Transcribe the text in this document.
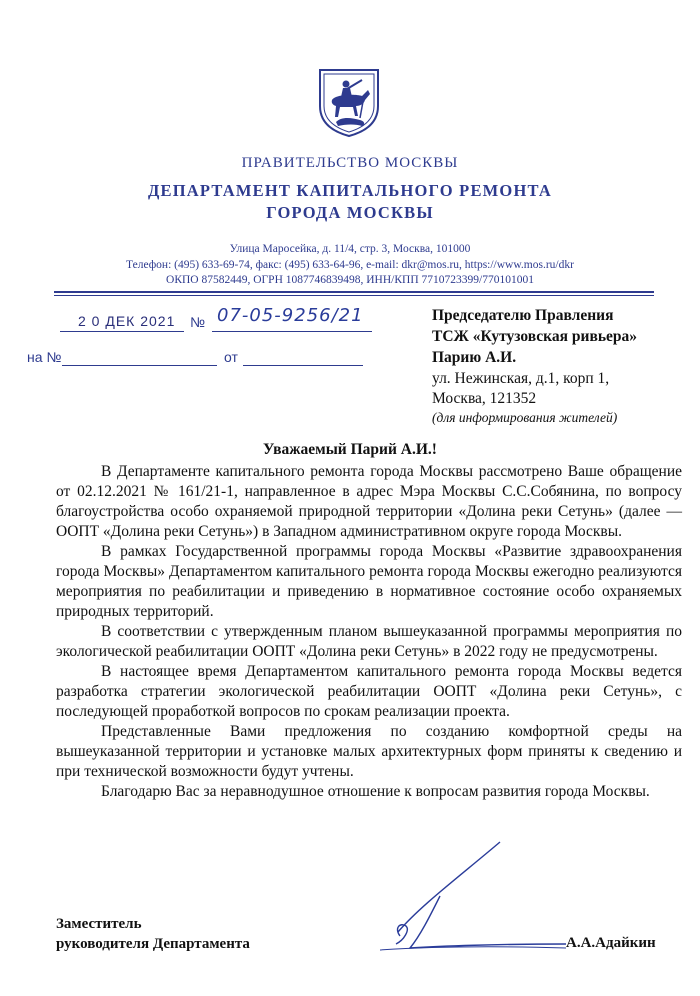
ПРАВИТЕЛЬСТВО МОСКВЫ
ДЕПАРТАМЕНТ КАПИТАЛЬНОГО РЕМОНТА
ГОРОДА МОСКВЫ
Улица Маросейка, д. 11/4, стр. 3, Москва, 101000
Телефон: (495) 633-69-74, факс: (495) 633-64-96, e-mail: dkr@mos.ru, https://www.mos.ru/dkr
ОКПО 87582449, ОГРН 1087746839498, ИНН/КПП 7710723399/770101001
2 0 ДЕК 2021 № 07-05-9256/21
на №	от
Председателю Правления
ТСЖ «Кутузовская ривьера»
Парию А.И.
ул. Нежинская, д.1, корп 1,
Москва, 121352
(для информирования жителей)
Уважаемый Парий А.И.!

В Департаменте капитального ремонта города Москвы рассмотрено Ваше обращение от 02.12.2021 № 161/21-1, направленное в адрес Мэра Москвы С.С.Собянина, по вопросу благоустройства особо охраняемой природной территории «Долина реки Сетунь» (далее — ООПТ «Долина реки Сетунь») в Западном административном округе города Москвы.

В рамках Государственной программы города Москвы «Развитие здравоохранения города Москвы» Департаментом капитального ремонта города Москвы ежегодно реализуются мероприятия по реабилитации и приведению в нормативное состояние особо охраняемых природных территорий.

В соответствии с утвержденным планом вышеуказанной программы мероприятия по экологической реабилитации ООПТ «Долина реки Сетунь» в 2022 году не предусмотрены.

В настоящее время Департаментом капитального ремонта города Москвы ведется разработка стратегии экологической реабилитации ООПТ «Долина реки Сетунь», с последующей проработкой вопросов по срокам реализации проекта.

Представленные Вами предложения по созданию комфортной среды на вышеуказанной территории и установке малых архитектурных форм приняты к сведению и при технической возможности будут учтены.

Благодарю Вас за неравнодушное отношение к вопросам развития города Москвы.

Заместитель
руководителя Департамента	А.А.Адайкин
